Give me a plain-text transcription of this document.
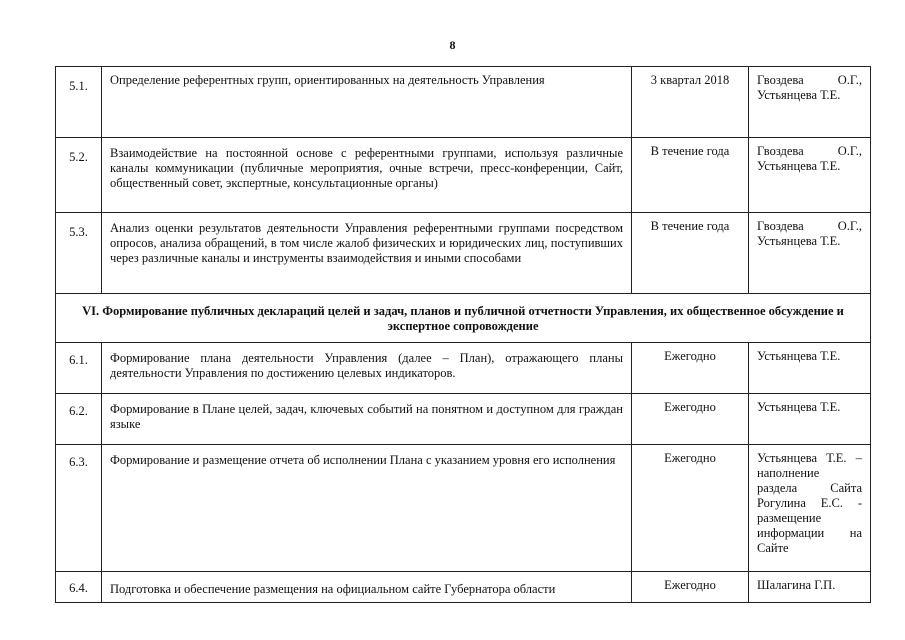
8
5.1.	Определение референтных групп, ориентированных на деятельность Управления	3 квартал 2018	Гвоздева О.Г., Устьянцева Т.Е.
5.2.	Взаимодействие на постоянной основе с референтными группами, используя различные каналы коммуникации (публичные мероприятия, очные встречи, пресс-конференции, Сайт, общественный совет, экспертные, консультационные органы)	В течение года	Гвоздева О.Г., Устьянцева Т.Е.
5.3.	Анализ оценки результатов деятельности Управления референтными группами посредством опросов, анализа обращений, в том числе жалоб физических и юридических лиц, поступивших через различные каналы и инструменты взаимодействия и иными способами	В течение года	Гвоздева О.Г., Устьянцева Т.Е.
VI. Формирование публичных деклараций целей и задач, планов и публичной отчетности Управления, их общественное обсуждение и экспертное сопровождение			
6.1.	Формирование плана деятельности Управления (далее – План), отражающего планы деятельности Управления по достижению целевых индикаторов.	Ежегодно	Устьянцева Т.Е.
6.2.	Формирование в Плане целей, задач, ключевых событий на понятном и доступном для граждан языке	Ежегодно	Устьянцева Т.Е.
6.3.	Формирование и размещение отчета об исполнении Плана с указанием уровня его исполнения	Ежегодно	Устьянцева Т.Е. – наполнение раздела Сайта Рогулина Е.С. - размещение информации на Сайте
6.4.	Подготовка и обеспечение размещения на официальном сайте Губернатора области	Ежегодно	Шалагина Г.П.
